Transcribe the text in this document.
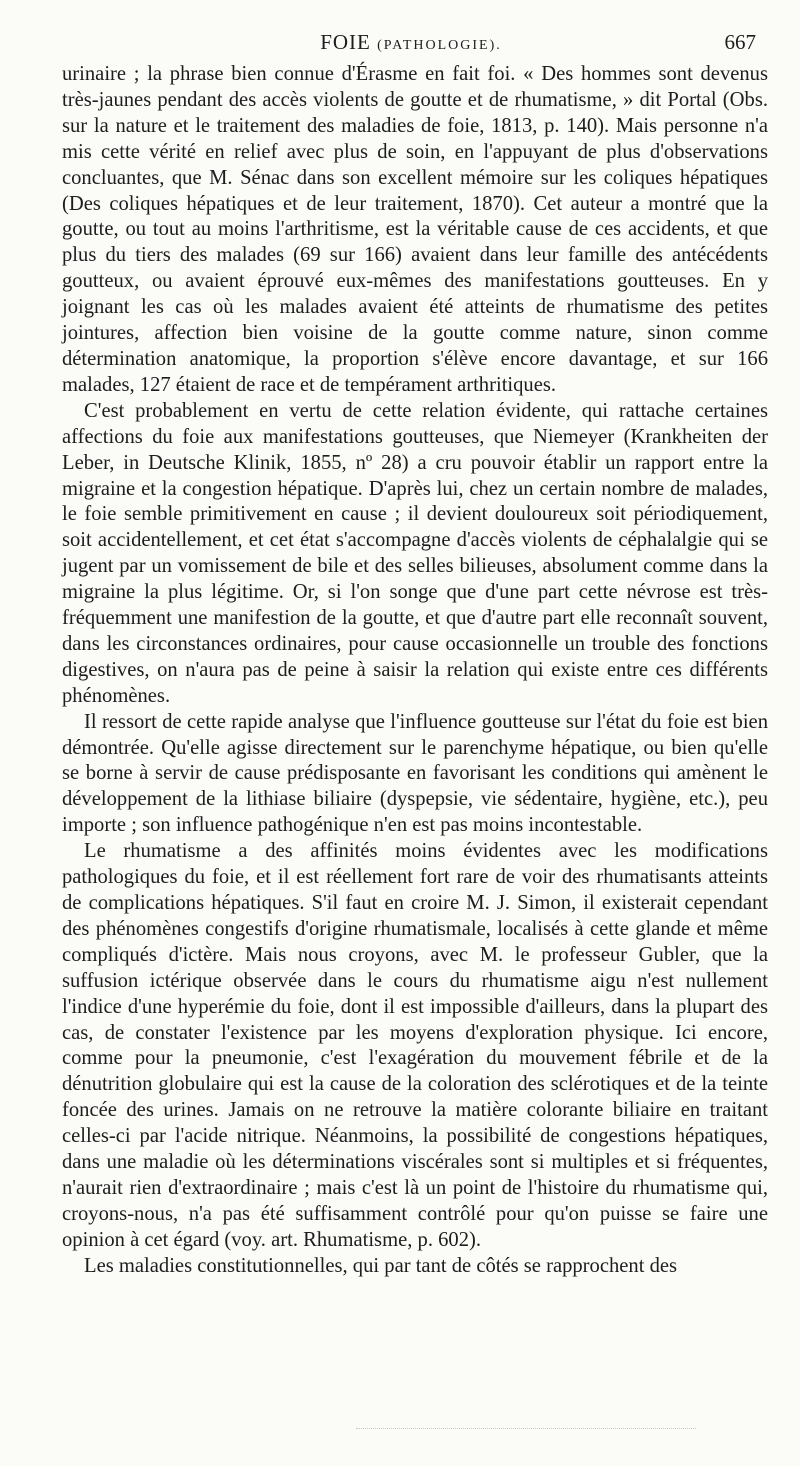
FOIE (PATHOLOGIE).	667

urinaire ; la phrase bien connue d'Érasme en fait foi. « Des hommes sont devenus très-jaunes pendant des accès violents de goutte et de rhumatisme, » dit Portal (Obs. sur la nature et le traitement des maladies de foie, 1813, p. 140). Mais personne n'a mis cette vérité en relief avec plus de soin, en l'appuyant de plus d'observations concluantes, que M. Sénac dans son excellent mémoire sur les coliques hépatiques (Des coliques hépatiques et de leur traitement, 1870). Cet auteur a montré que la goutte, ou tout au moins l'arthritisme, est la véritable cause de ces accidents, et que plus du tiers des malades (69 sur 166) avaient dans leur famille des antécédents goutteux, ou avaient éprouvé eux-mêmes des manifestations goutteuses. En y joignant les cas où les malades avaient été atteints de rhumatisme des petites jointures, affection bien voisine de la goutte comme nature, sinon comme détermination anatomique, la proportion s'élève encore davantage, et sur 166 malades, 127 étaient de race et de tempérament arthritiques.

C'est probablement en vertu de cette relation évidente, qui rattache certaines affections du foie aux manifestations goutteuses, que Niemeyer (Krankheiten der Leber, in Deutsche Klinik, 1855, nº 28) a cru pouvoir établir un rapport entre la migraine et la congestion hépatique. D'après lui, chez un certain nombre de malades, le foie semble primitivement en cause ; il devient douloureux soit périodiquement, soit accidentellement, et cet état s'accompagne d'accès violents de céphalalgie qui se jugent par un vomissement de bile et des selles bilieuses, absolument comme dans la migraine la plus légitime. Or, si l'on songe que d'une part cette névrose est très-fréquemment une manifestion de la goutte, et que d'autre part elle reconnaît souvent, dans les circonstances ordinaires, pour cause occasionnelle un trouble des fonctions digestives, on n'aura pas de peine à saisir la relation qui existe entre ces différents phénomènes.

Il ressort de cette rapide analyse que l'influence goutteuse sur l'état du foie est bien démontrée. Qu'elle agisse directement sur le parenchyme hépatique, ou bien qu'elle se borne à servir de cause prédisposante en favorisant les conditions qui amènent le développement de la lithiase biliaire (dyspepsie, vie sédentaire, hygiène, etc.), peu importe ; son influence pathogénique n'en est pas moins incontestable.

Le rhumatisme a des affinités moins évidentes avec les modifications pathologiques du foie, et il est réellement fort rare de voir des rhumatisants atteints de complications hépatiques. S'il faut en croire M. J. Simon, il existerait cependant des phénomènes congestifs d'origine rhumatismale, localisés à cette glande et même compliqués d'ictère. Mais nous croyons, avec M. le professeur Gubler, que la suffusion ictérique observée dans le cours du rhumatisme aigu n'est nullement l'indice d'une hyperémie du foie, dont il est impossible d'ailleurs, dans la plupart des cas, de constater l'existence par les moyens d'exploration physique. Ici encore, comme pour la pneumonie, c'est l'exagération du mouvement fébrile et de la dénutrition globulaire qui est la cause de la coloration des sclérotiques et de la teinte foncée des urines. Jamais on ne retrouve la matière colorante biliaire en traitant celles-ci par l'acide nitrique. Néanmoins, la possibilité de congestions hépatiques, dans une maladie où les déterminations viscérales sont si multiples et si fréquentes, n'aurait rien d'extraordinaire ; mais c'est là un point de l'histoire du rhumatisme qui, croyons-nous, n'a pas été suffisamment contrôlé pour qu'on puisse se faire une opinion à cet égard (voy. art. Rhumatisme, p. 602).

Les maladies constitutionnelles, qui par tant de côtés se rapprochent des
